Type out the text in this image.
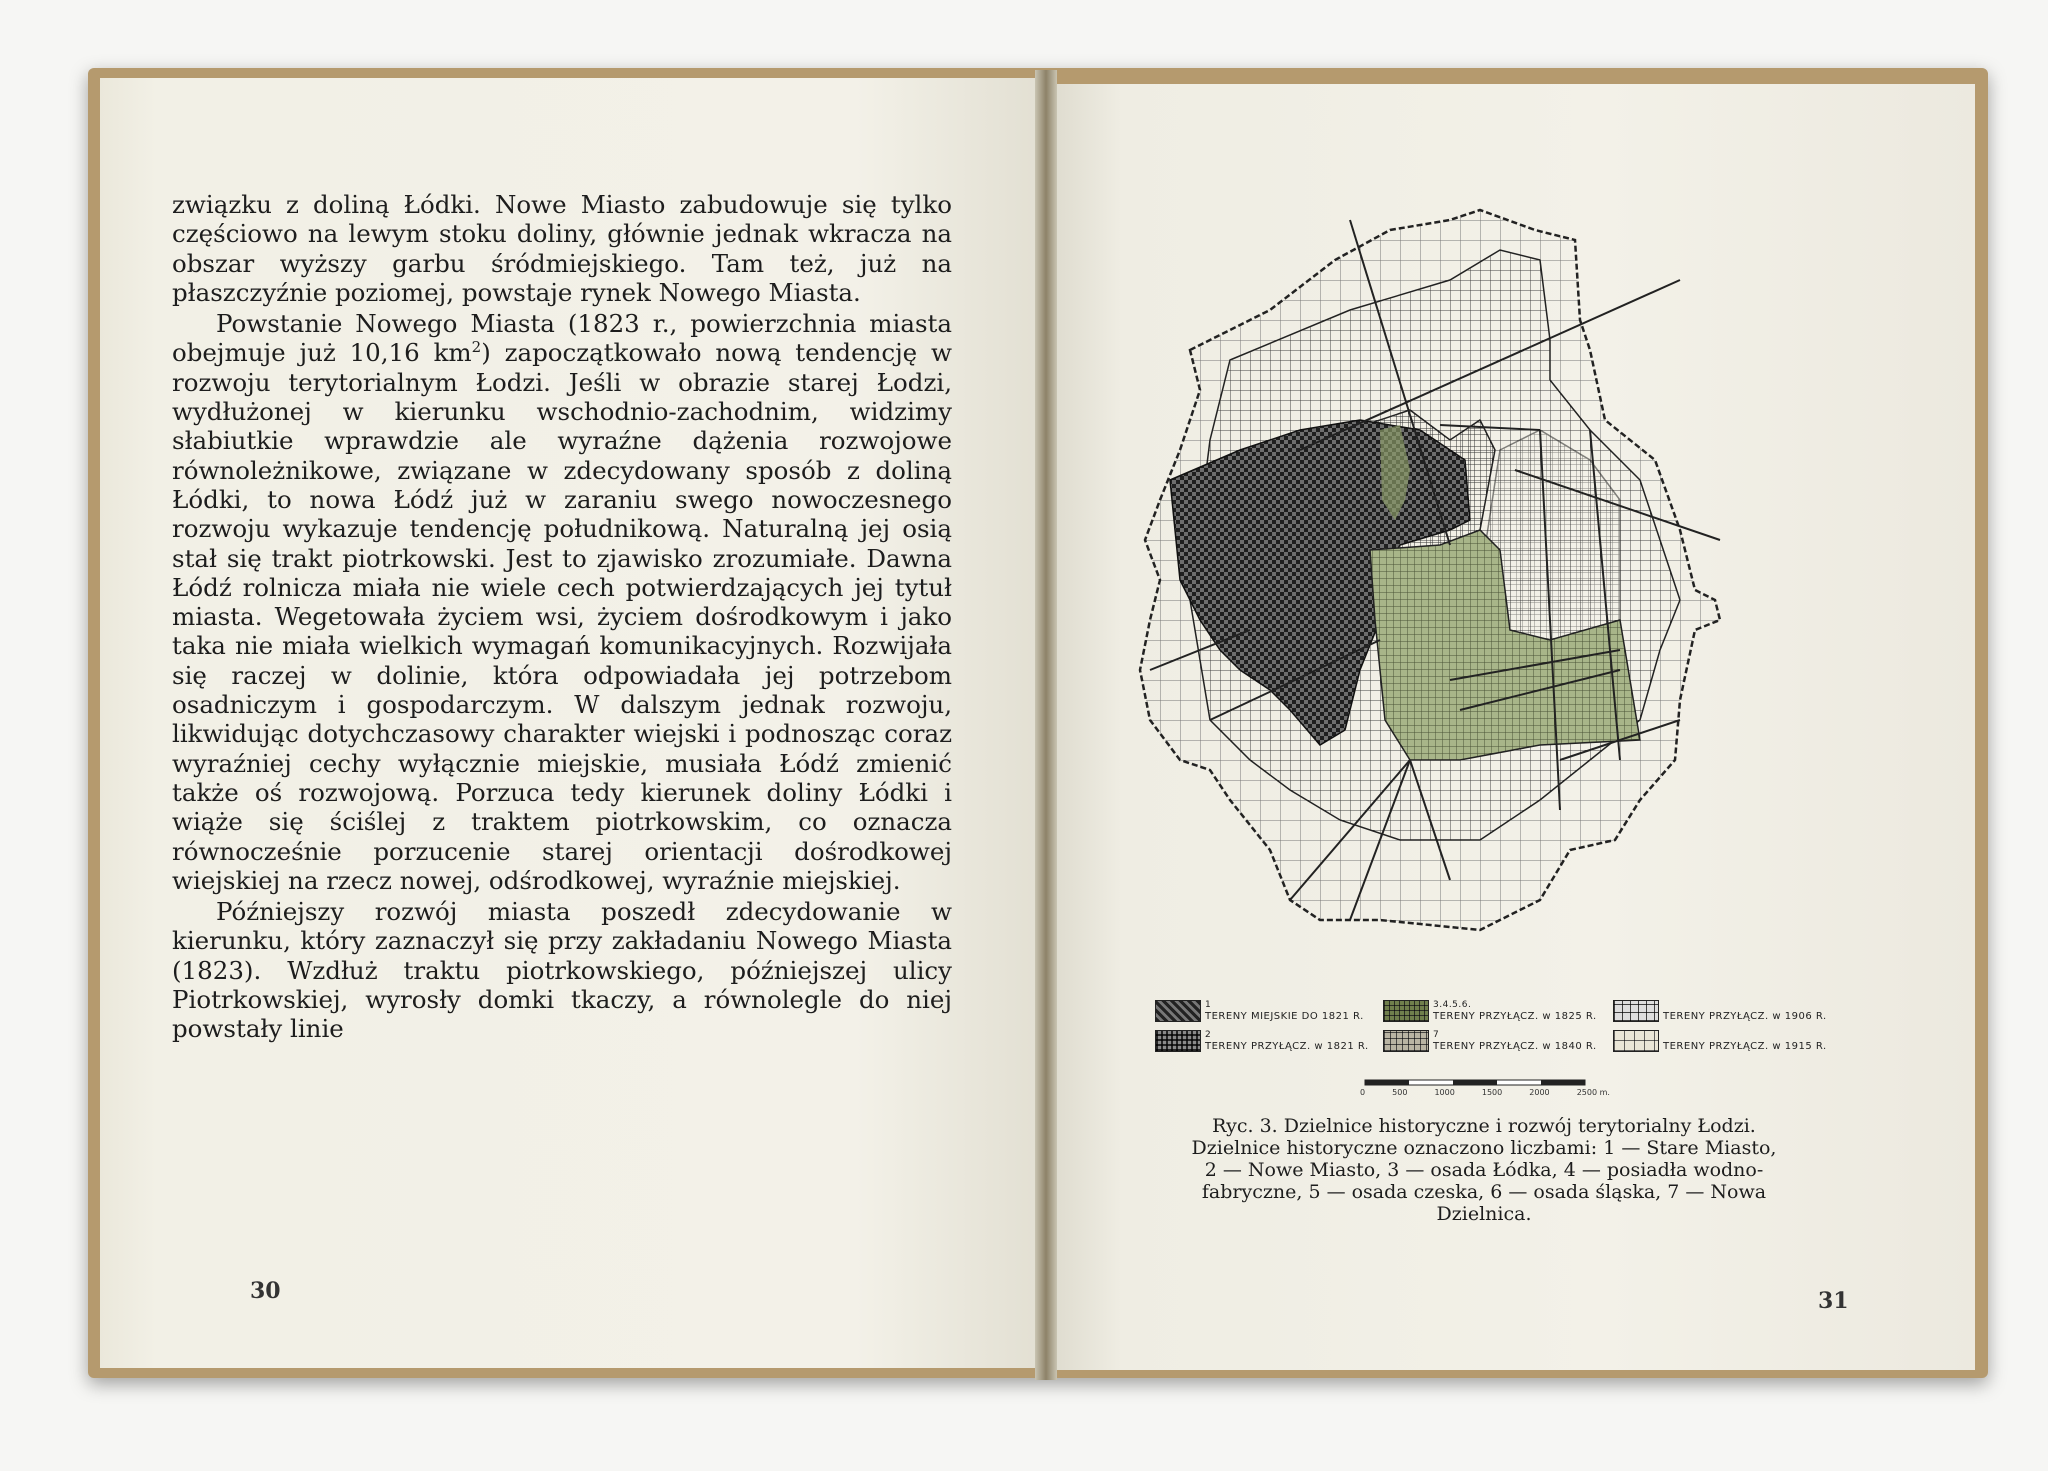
związku z doliną Łódki. Nowe Miasto zabudowuje się tylko częściowo na lewym stoku doliny, głównie jednak wkracza na obszar wyższy garbu śródmiejskiego. Tam też, już na płaszczyźnie poziomej, powstaje rynek Nowego Miasta.

Powstanie Nowego Miasta (1823 r., powierzchnia miasta obejmuje już 10,16 $km^2$) zapoczątkowało nową tendencję w rozwoju terytorialnym Łodzi. Jeśli w obrazie starej Łodzi, wydłużonej w kierunku wschodnio-zachodnim, widzimy słabiutkie wprawdzie ale wyraźne dążenia rozwojowe równoleżnikowe, związane w zdecydowany sposób z doliną Łódki, to nowa Łódź już w zaraniu swego nowoczesnego rozwoju wykazuje tendencję południkową. Naturalną jej osią stał się trakt piotrkowski. Jest to zjawisko zrozumiałe. Dawna Łódź rolnicza miała nie wiele cech potwierdzających jej tytuł miasta. Wegetowała życiem wsi, życiem dośrodkowym i jako taka nie miała wielkich wymagań komunikacyjnych. Rozwijała się raczej w dolinie, która odpowiadała jej potrzebom osadniczym i gospodarczym. W dalszym jednak rozwoju, likwidując dotychczasowy charakter wiejski i podnosząc coraz wyraźniej cechy wyłącznie miejskie, musiała Łódź zmienić także oś rozwojową. Porzuca tedy kierunek doliny Łódki i wiąże się ściślej z traktem piotrkowskim, co oznacza równocześnie porzucenie starej orientacji dośrodkowej wiejskiej na rzecz nowej, odśrodkowej, wyraźnie miejskiej.

Późniejszy rozwój miasta poszedł zdecydowanie w kierunku, który zaznaczył się przy zakładaniu Nowego Miasta (1823). Wzdłuż traktu piotrkowskiego, późniejszej ulicy Piotrkowskiej, wyrosły domki tkaczy, a równolegle do niej powstały linie

30
1
TERENY MIEJSKIE DO 1821 R.
2
TERENY PRZYŁĄCZ. w 1821 R.
3.4.5.6.
TERENY PRZYŁĄCZ. w 1825 R.
7
TERENY PRZYŁĄCZ. w 1840 R.
TERENY PRZYŁĄCZ. w 1906 R.
TERENY PRZYŁĄCZ. w 1915 R.
0	500	1000	1500	2000	2500 m.
Ryc. 3. Dzielnice historyczne i rozwój terytorialny Łodzi.
Dzielnice historyczne oznaczono liczbami: 1 — Stare Miasto,
2 — Nowe Miasto, 3 — osada Łódka, 4 — posiadła wodno-
fabryczne, 5 — osada czeska, 6 — osada śląska, 7 — Nowa
Dzielnica.
31
